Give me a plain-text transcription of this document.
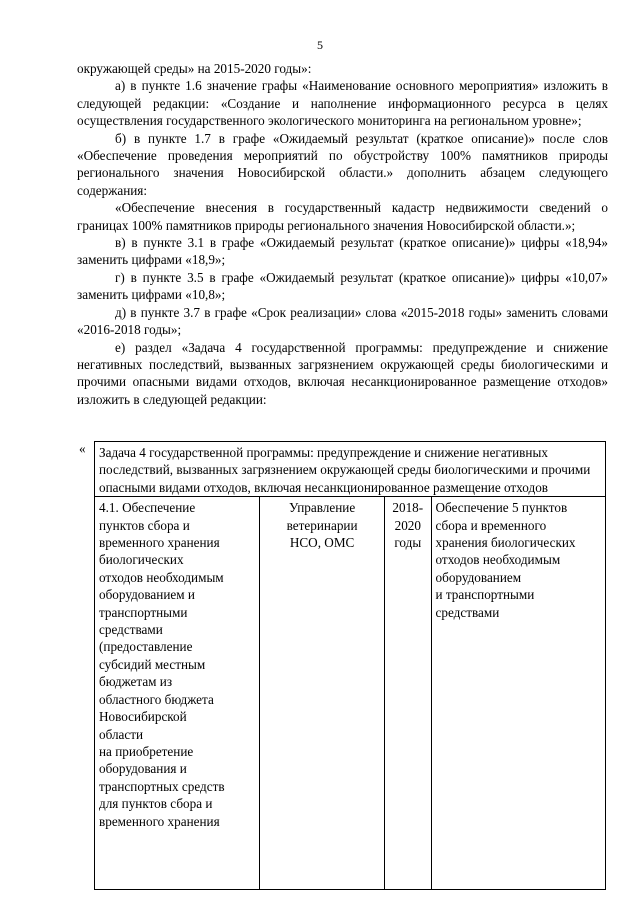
5

окружающей среды» на 2015-2020 годы»:

а) в пункте 1.6 значение графы «Наименование основного мероприятия» изложить в следующей редакции: «Создание и наполнение информационного ресурса в целях осуществления государственного экологического мониторинга на региональном уровне»;

б) в пункте 1.7 в графе «Ожидаемый результат (краткое описание)» после слов «Обеспечение проведения мероприятий по обустройству 100% памятников природы регионального значения Новосибирской области.» дополнить абзацем следующего содержания:

«Обеспечение внесения в государственный кадастр недвижимости сведений о границах 100% памятников природы регионального значения Новосибирской области.»;

в) в пункте 3.1 в графе «Ожидаемый результат (краткое описание)» цифры «18,94» заменить цифрами «18,9»;

г) в пункте 3.5 в графе «Ожидаемый результат (краткое описание)» цифры «10,07» заменить цифрами «10,8»;

д) в пункте 3.7 в графе «Срок реализации» слова «2015-2018 годы» заменить словами «2016-2018 годы»;

е) раздел «Задача 4 государственной программы: предупреждение и снижение негативных последствий, вызванных загрязнением окружающей среды биологическими и прочими опасными видами отходов, включая несанкционированное размещение отходов» изложить в следующей редакции:

« Задача 4 государственной программы: предупреждение и снижение негативных последствий, вызванных загрязнением окружающей среды биологическими и прочими опасными видами отходов, включая несанкционированное размещение отходов

4.1. Обеспечение
пунктов сбора и
временного хранения
биологических
отходов необходимым
оборудованием и
транспортными
средствами
(предоставление
субсидий местным
бюджетам из
областного бюджета
Новосибирской
области
на приобретение
оборудования и
транспортных средств
для пунктов сбора и
временного хранения

Управление
ветеринарии
НСО, ОМС

2018-
2020
годы

Обеспечение 5 пунктов
сбора и временного
хранения биологических
отходов необходимым
оборудованием
и транспортными
средствами
